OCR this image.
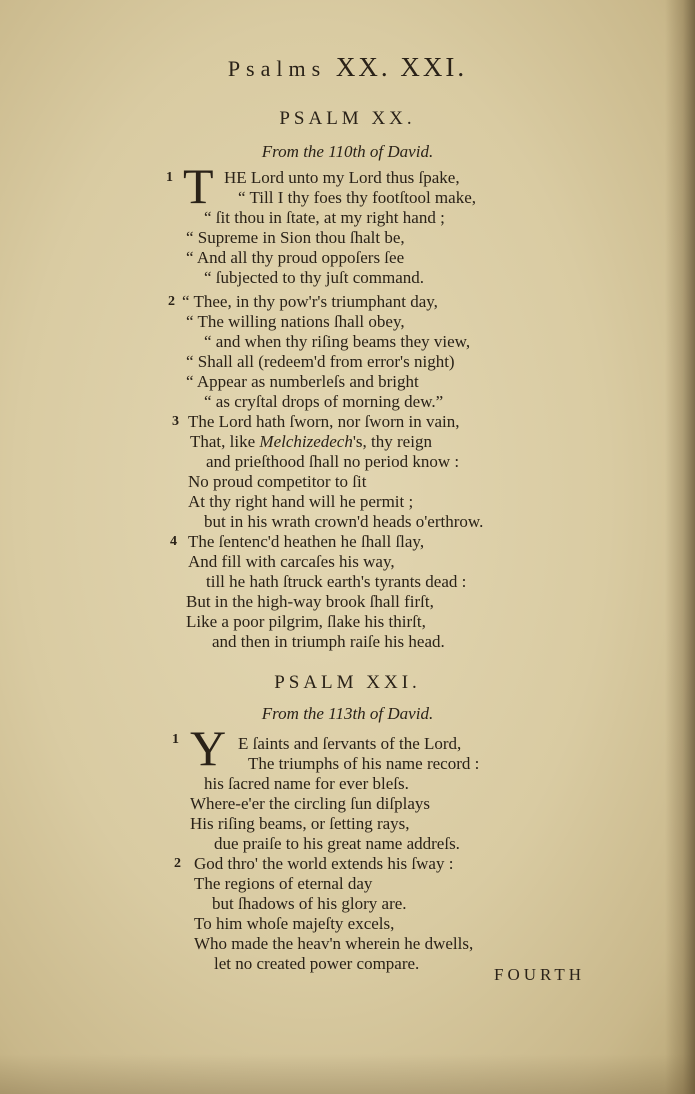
Psalms XX. XXI.
PSALM XX.
From the 110th of David.
1 T HE Lord unto my Lord thus ſpake,
“ Till I thy foes thy footſtool make,
“ ſit thou in ſtate, at my right hand ;
“ Supreme in Sion thou ſhalt be,
“ And all thy proud oppoſers ſee
“ ſubjected to thy juſt command.
2 “ Thee, in thy pow'r's triumphant day,
“ The willing nations ſhall obey,
“ and when thy riſing beams they view,
“ Shall all (redeem'd from error's night)
“ Appear as numberleſs and bright
“ as cryſtal drops of morning dew.”
3 The Lord hath ſworn, nor ſworn in vain,
That, like Melchizedech's, thy reign
and prieſthood ſhall no period know :
No proud competitor to ſit
At thy right hand will he permit ;
but in his wrath crown'd heads o'erthrow.
4 The ſentenc'd heathen he ſhall ſlay,
And fill with carcaſes his way,
till he hath ſtruck earth's tyrants dead :
But in the high-way brook ſhall firſt,
Like a poor pilgrim, ſlake his thirſt,
and then in triumph raiſe his head.
PSALM XXI.
From the 113th of David.
1 Y E ſaints and ſervants of the Lord,
The triumphs of his name record :
his ſacred name for ever bleſs.
Where-e'er the circling ſun diſplays
His riſing beams, or ſetting rays,
due praiſe to his great name addreſs.
2 God thro' the world extends his ſway :
The regions of eternal day
but ſhadows of his glory are.
To him whoſe majeſty excels,
Who made the heav'n wherein he dwells,
let no created power compare.
FOURTH
